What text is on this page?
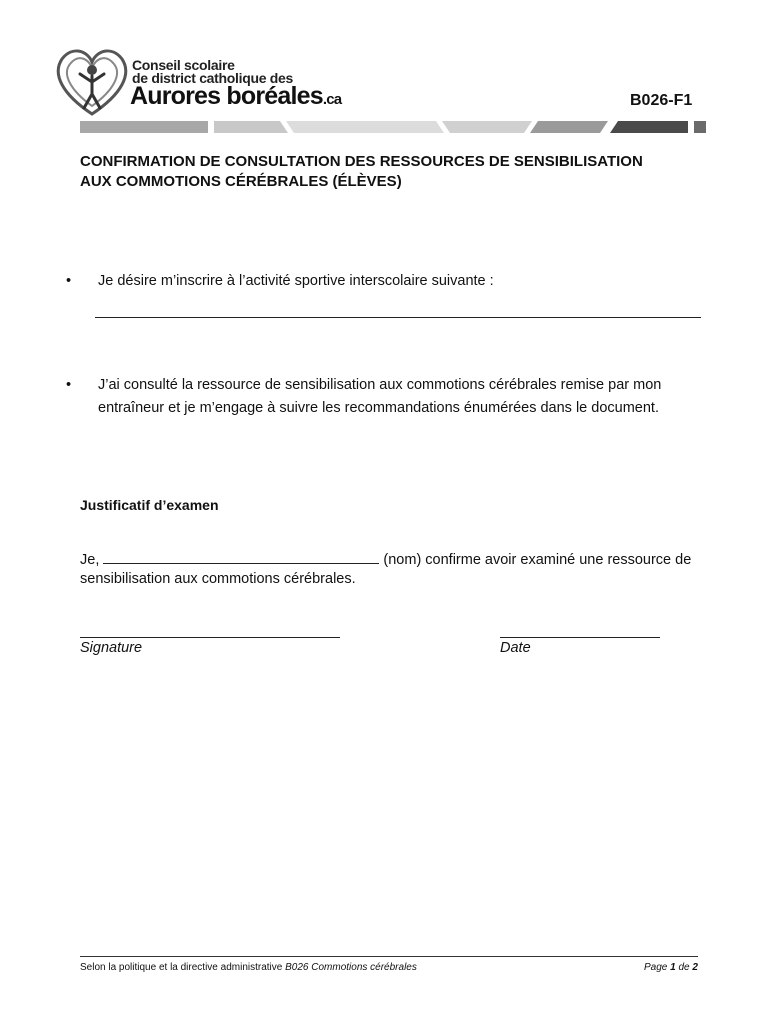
Conseil scolaire
de district catholique des
Aurores boréales.ca	B026-F1
CONFIRMATION DE CONSULTATION DES RESSOURCES DE SENSIBILISATION
AUX COMMOTIONS CÉRÉBRALES (ÉLÈVES)
• Je désire m’inscrire à l’activité sportive interscolaire suivante :
• J’ai consulté la ressource de sensibilisation aux commotions cérébrales remise par mon
entraîneur et je m’engage à suivre les recommandations énumérées dans le document.
Justificatif d’examen
Je,	(nom) confirme avoir examiné une ressource de
sensibilisation aux commotions cérébrales.
Signature	Date
Selon la politique et la directive administrative B026 Commotions cérébrales	Page 1 de 2
